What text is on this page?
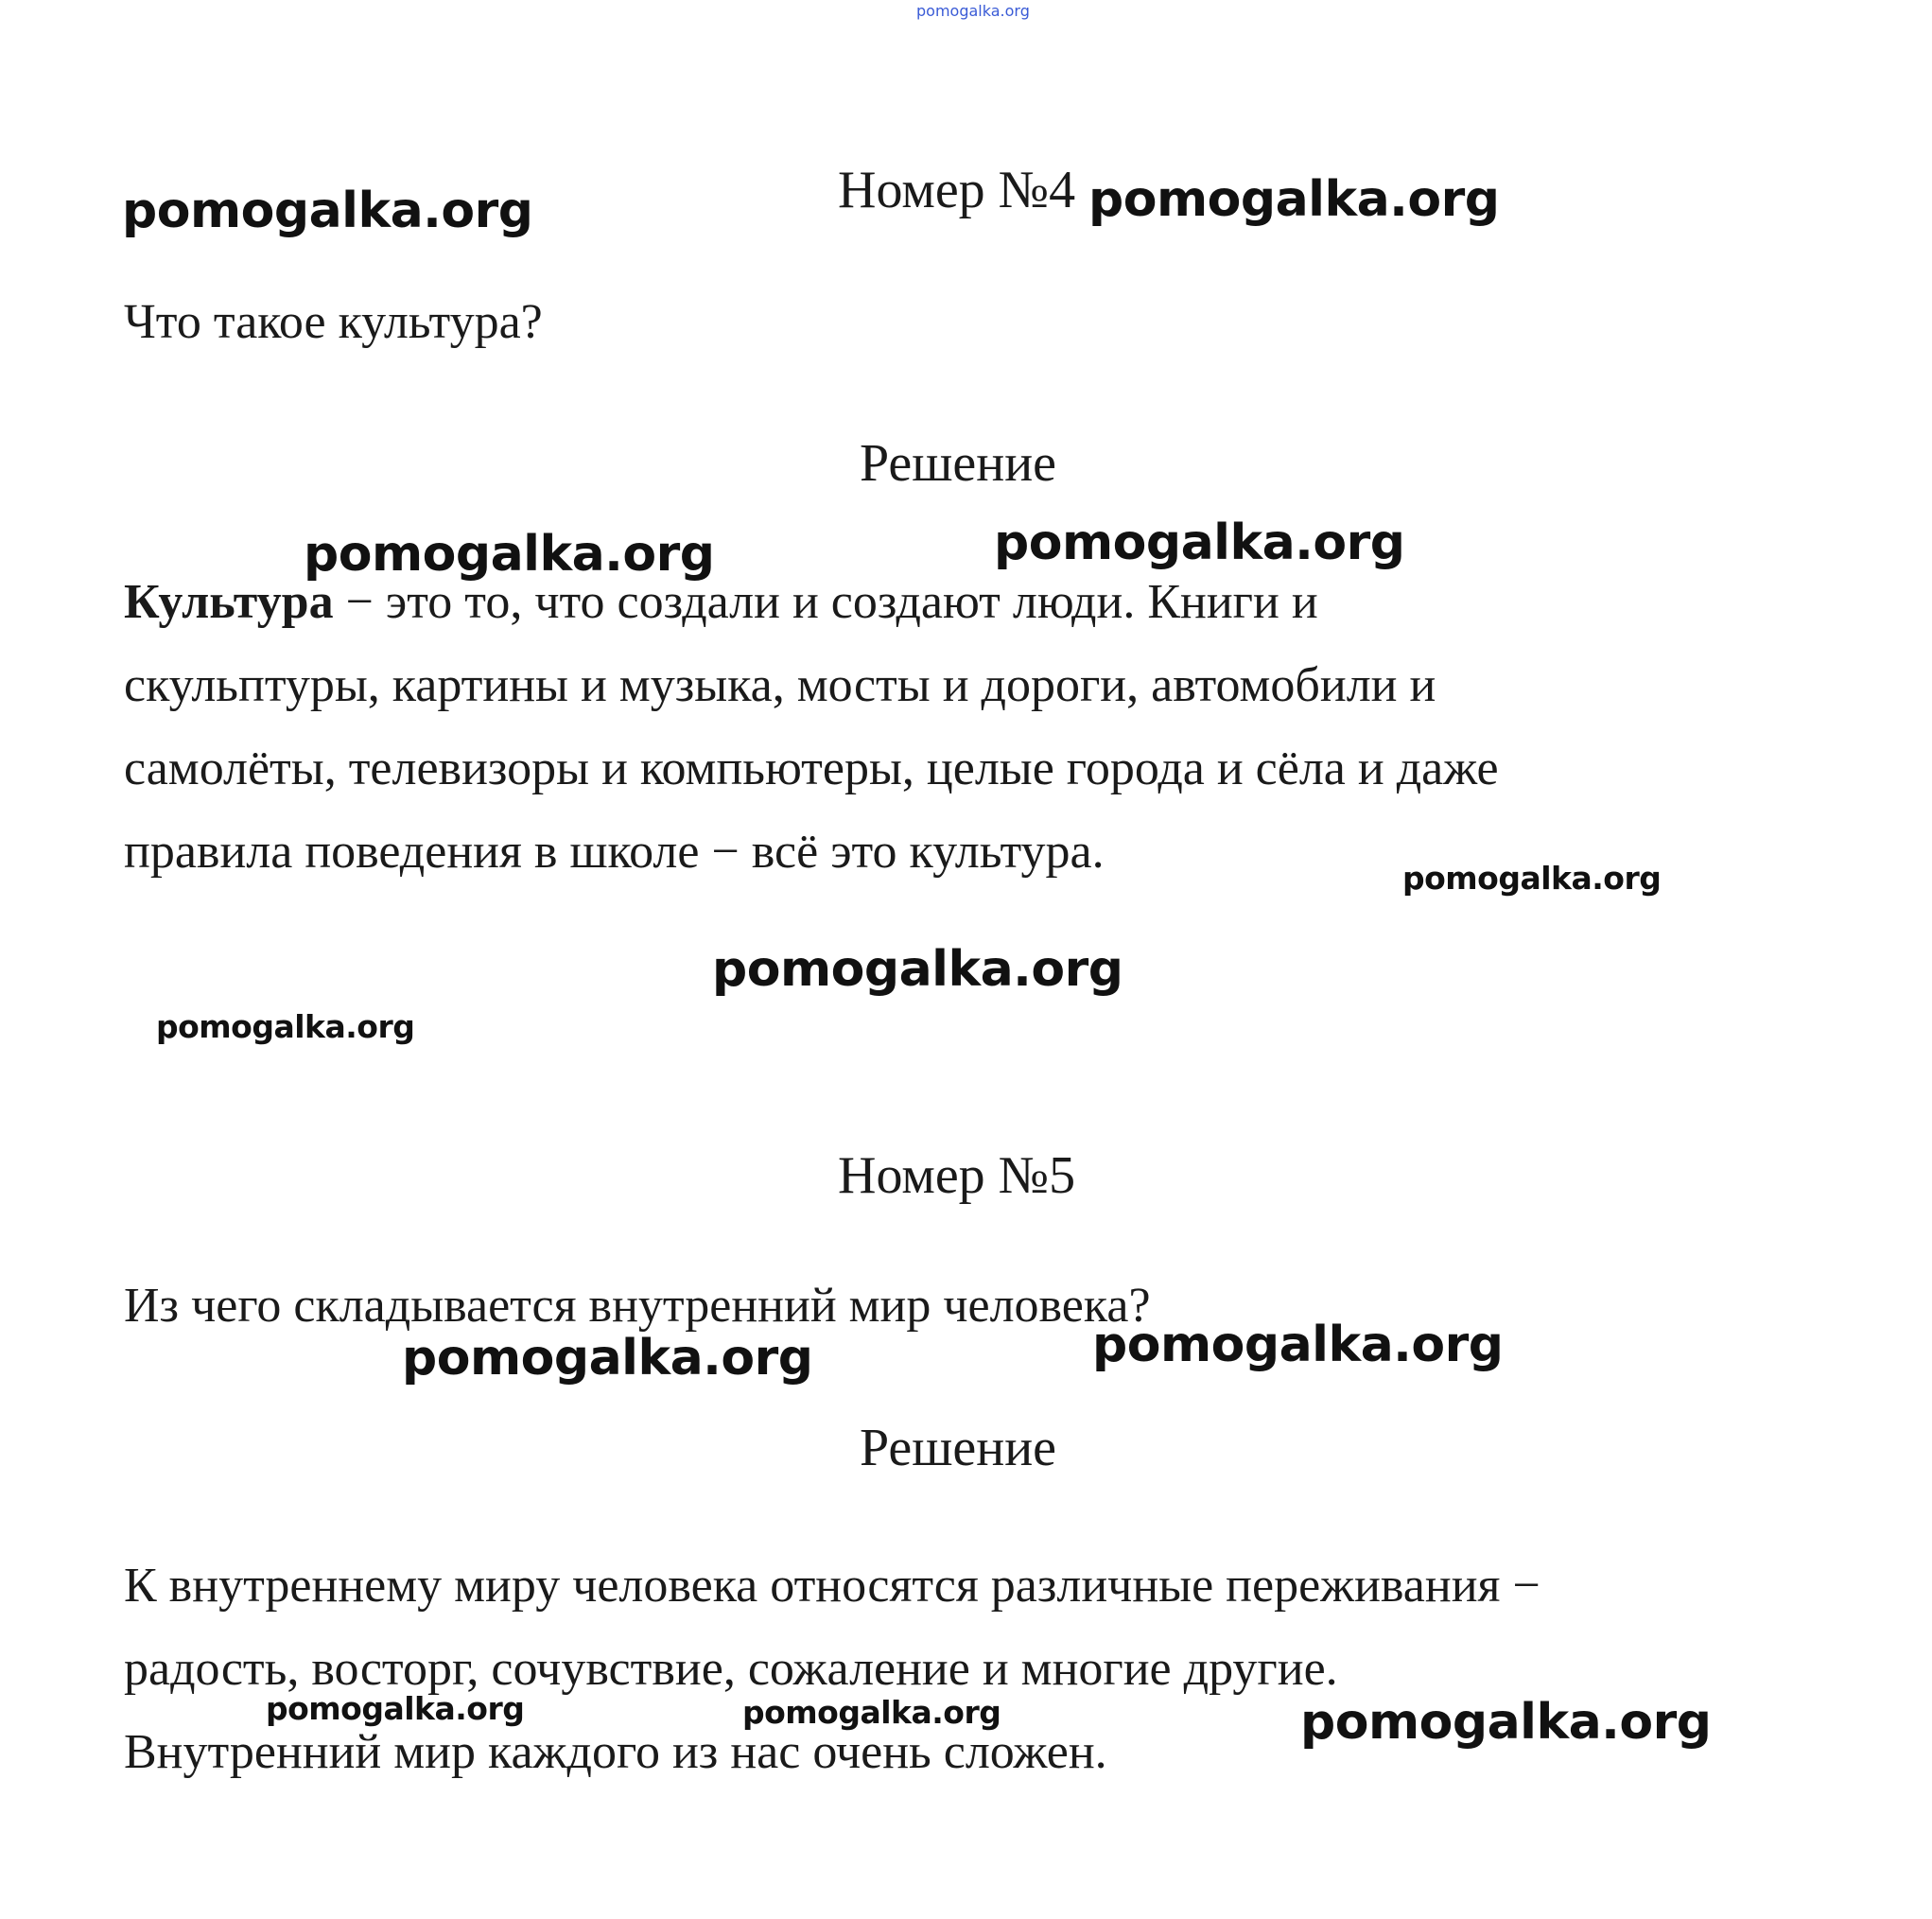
pomogalka.org
Номер №4
Что такое культура?
Решение
Культура − это то, что создали и создают люди. Книги и
скульптуры, картины и музыка, мосты и дороги, автомобили и
самолёты, телевизоры и компьютеры, целые города и сёла и даже
правила поведения в школе − всё это культура.
Номер №5
Из чего складывается внутренний мир человека?
Решение
К внутреннему миру человека относятся различные переживания −
радость, восторг, сочувствие, сожаление и многие другие.
Внутренний мир каждого из нас очень сложен.
pomogalka.org	pomogalka.org
pomogalka.org	pomogalka.org
pomogalka.org
pomogalka.org
pomogalka.org
pomogalka.org
pomogalka.org
pomogalka.org	pomogalka.org	pomogalka.org
